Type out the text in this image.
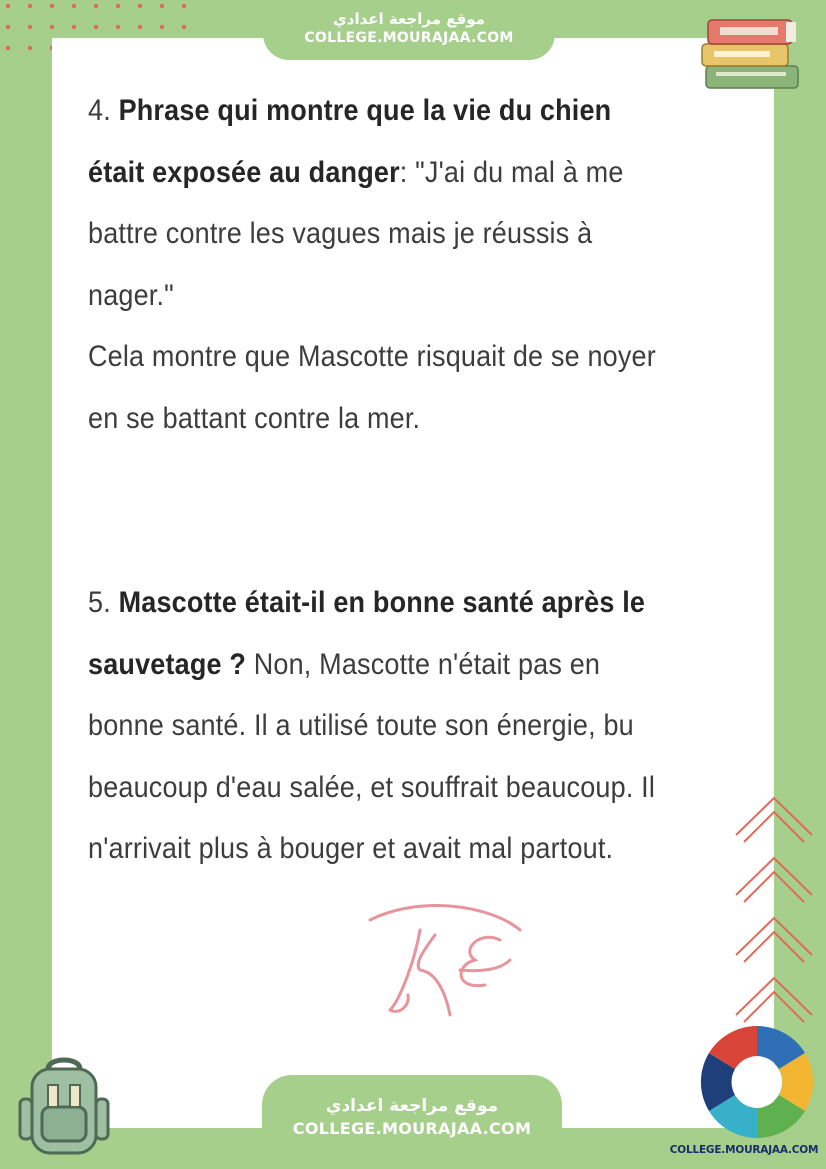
موقع مراجعة اعدادي
COLLEGE.MOURAJAA.COM

4. Phrase qui montre que la vie du chien était exposée au danger: "J'ai du mal à me battre contre les vagues mais je réussis à nager."

Cela montre que Mascotte risquait de se noyer en se battant contre la mer.

5. Mascotte était-il en bonne santé après le sauvetage ? Non, Mascotte n'était pas en bonne santé. Il a utilisé toute son énergie, bu beaucoup d'eau salée, et souffrait beaucoup. Il n'arrivait plus à bouger et avait mal partout.

موقع مراجعة اعدادي
COLLEGE.MOURAJAA.COM
COLLEGE.MOURAJAA.COM
